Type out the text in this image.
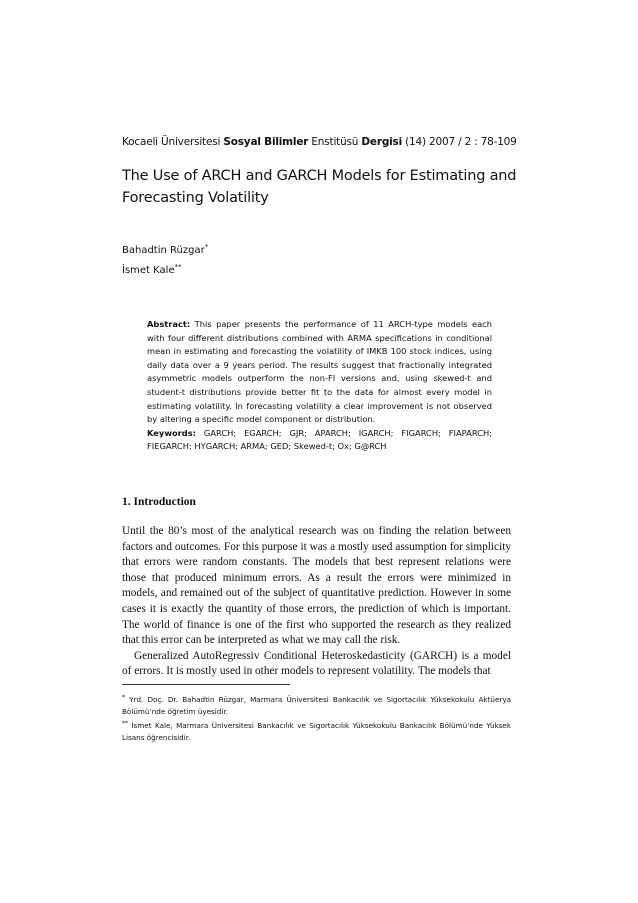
Kocaeli Üniversitesi Sosyal Bilimler Enstitüsü Dergisi (14) 2007 / 2 : 78-109
The Use of ARCH and GARCH Models for Estimating and
Forecasting Volatility
Bahadtin Rüzgar*
İsmet Kale**

Abstract: This paper presents the performance of 11 ARCH-type models each with four different distributions combined with ARMA specifications in conditional mean in estimating and forecasting the volatility of IMKB 100 stock indices, using daily data over a 9 years period. The results suggest that fractionally integrated asymmetric models outperform the non-FI versions and, using skewed-t and student-t distributions provide better fit to the data for almost every model in estimating volatility. In forecasting volatility a clear improvement is not observed by altering a specific model component or distribution.

Keywords: GARCH; EGARCH; GJR; APARCH; IGARCH; FIGARCH; FIAPARCH; FIEGARCH; HYGARCH; ARMA; GED; Skewed-t; Ox; G@RCH

1. Introduction

Until the 80’s most of the analytical research was on finding the relation between factors and outcomes. For this purpose it was a mostly used assumption for simplicity that errors were random constants. The models that best represent relations were those that produced minimum errors. As a result the errors were minimized in models, and remained out of the subject of quantitative prediction. However in some cases it is exactly the quantity of those errors, the prediction of which is important. The world of finance is one of the first who supported the research as they realized that this error can be interpreted as what we may call the risk.

Generalized AutoRegressiv Conditional Heteroskedasticity (GARCH) is a model of errors. It is mostly used in other models to represent volatility. The models that

* Yrd. Doç. Dr. Bahadtin Rüzgar, Marmara Üniversitesi Bankacılık ve Sigortacılık Yüksekokulu Aktüerya Bölümü’nde öğretim üyesidir.

** İsmet Kale, Marmara Üniversitesi Bankacılık ve Sigortacılık Yüksekokulu Bankacılık Bölümü’nde Yüksek Lisans öğrencisidir.
